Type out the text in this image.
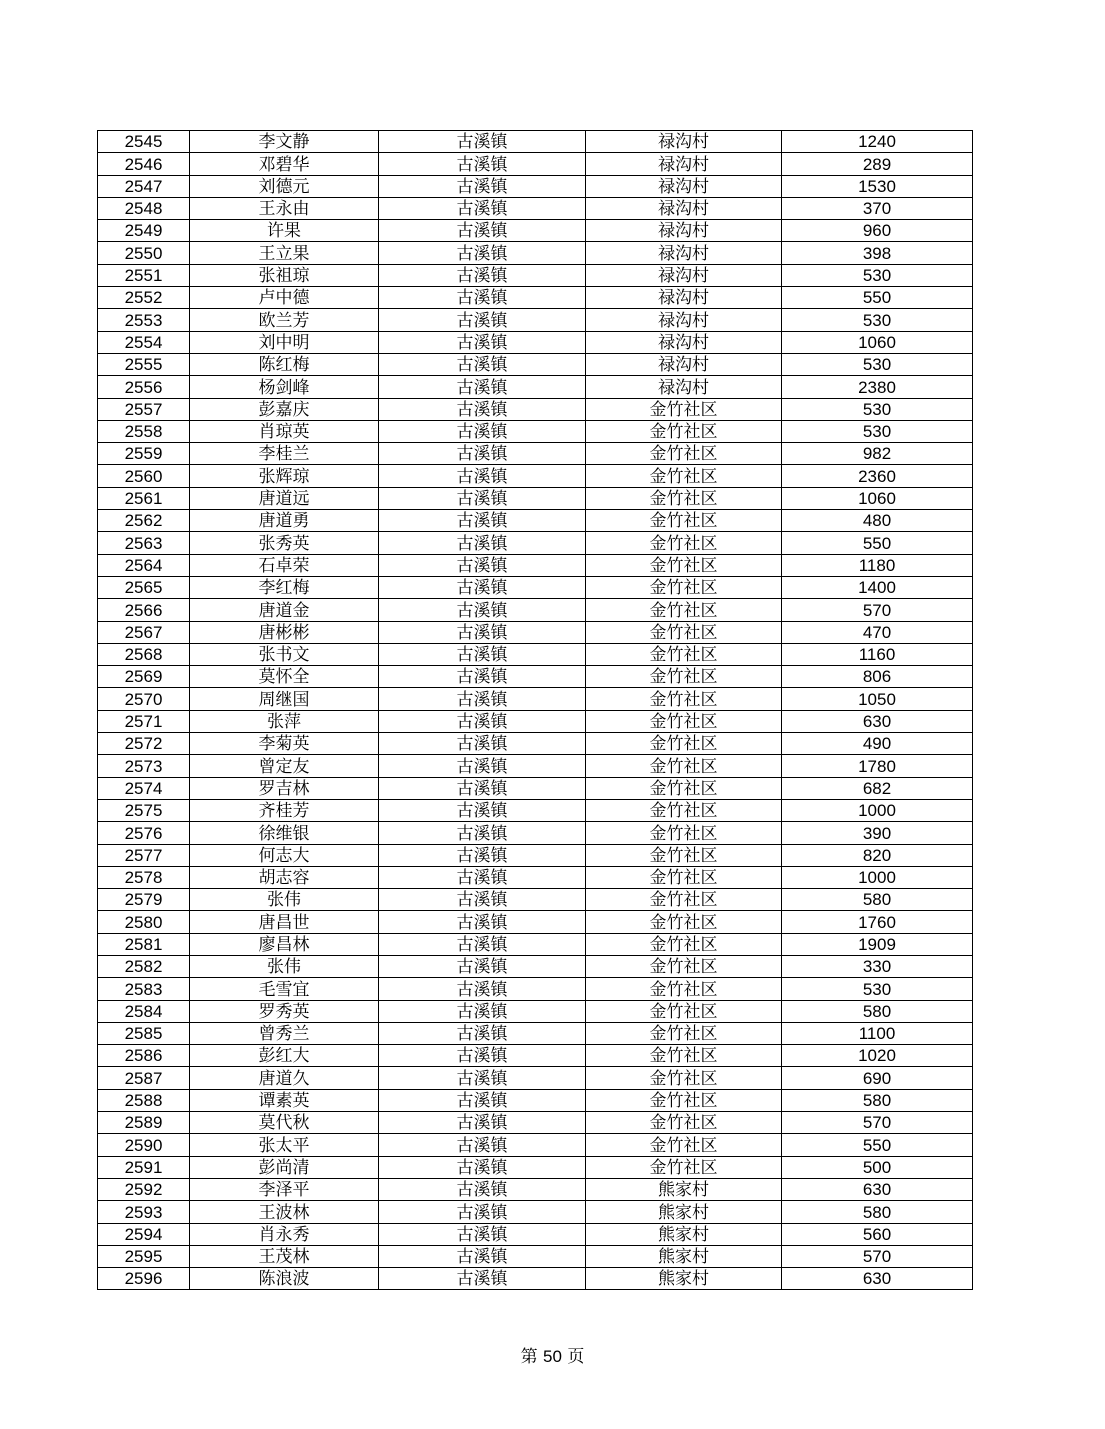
2545	李文静	古溪镇	禄沟村	1240
2546	邓碧华	古溪镇	禄沟村	289
2547	刘德元	古溪镇	禄沟村	1530
2548	王永由	古溪镇	禄沟村	370
2549	许果	古溪镇	禄沟村	960
2550	王立果	古溪镇	禄沟村	398
2551	张祖琼	古溪镇	禄沟村	530
2552	卢中德	古溪镇	禄沟村	550
2553	欧兰芳	古溪镇	禄沟村	530
2554	刘中明	古溪镇	禄沟村	1060
2555	陈红梅	古溪镇	禄沟村	530
2556	杨剑峰	古溪镇	禄沟村	2380
2557	彭嘉庆	古溪镇	金竹社区	530
2558	肖琼英	古溪镇	金竹社区	530
2559	李桂兰	古溪镇	金竹社区	982
2560	张辉琼	古溪镇	金竹社区	2360
2561	唐道远	古溪镇	金竹社区	1060
2562	唐道勇	古溪镇	金竹社区	480
2563	张秀英	古溪镇	金竹社区	550
2564	石卓荣	古溪镇	金竹社区	1180
2565	李红梅	古溪镇	金竹社区	1400
2566	唐道金	古溪镇	金竹社区	570
2567	唐彬彬	古溪镇	金竹社区	470
2568	张书文	古溪镇	金竹社区	1160
2569	莫怀全	古溪镇	金竹社区	806
2570	周继国	古溪镇	金竹社区	1050
2571	张萍	古溪镇	金竹社区	630
2572	李菊英	古溪镇	金竹社区	490
2573	曾定友	古溪镇	金竹社区	1780
2574	罗吉林	古溪镇	金竹社区	682
2575	齐桂芳	古溪镇	金竹社区	1000
2576	徐维银	古溪镇	金竹社区	390
2577	何志大	古溪镇	金竹社区	820
2578	胡志容	古溪镇	金竹社区	1000
2579	张伟	古溪镇	金竹社区	580
2580	唐昌世	古溪镇	金竹社区	1760
2581	廖昌林	古溪镇	金竹社区	1909
2582	张伟	古溪镇	金竹社区	330
2583	毛雪宜	古溪镇	金竹社区	530
2584	罗秀英	古溪镇	金竹社区	580
2585	曾秀兰	古溪镇	金竹社区	1100
2586	彭红大	古溪镇	金竹社区	1020
2587	唐道久	古溪镇	金竹社区	690
2588	谭素英	古溪镇	金竹社区	580
2589	莫代秋	古溪镇	金竹社区	570
2590	张太平	古溪镇	金竹社区	550
2591	彭尚清	古溪镇	金竹社区	500
2592	李泽平	古溪镇	熊家村	630
2593	王波林	古溪镇	熊家村	580
2594	肖永秀	古溪镇	熊家村	560
2595	王茂林	古溪镇	熊家村	570
2596	陈浪波	古溪镇	熊家村	630
第 50 页
